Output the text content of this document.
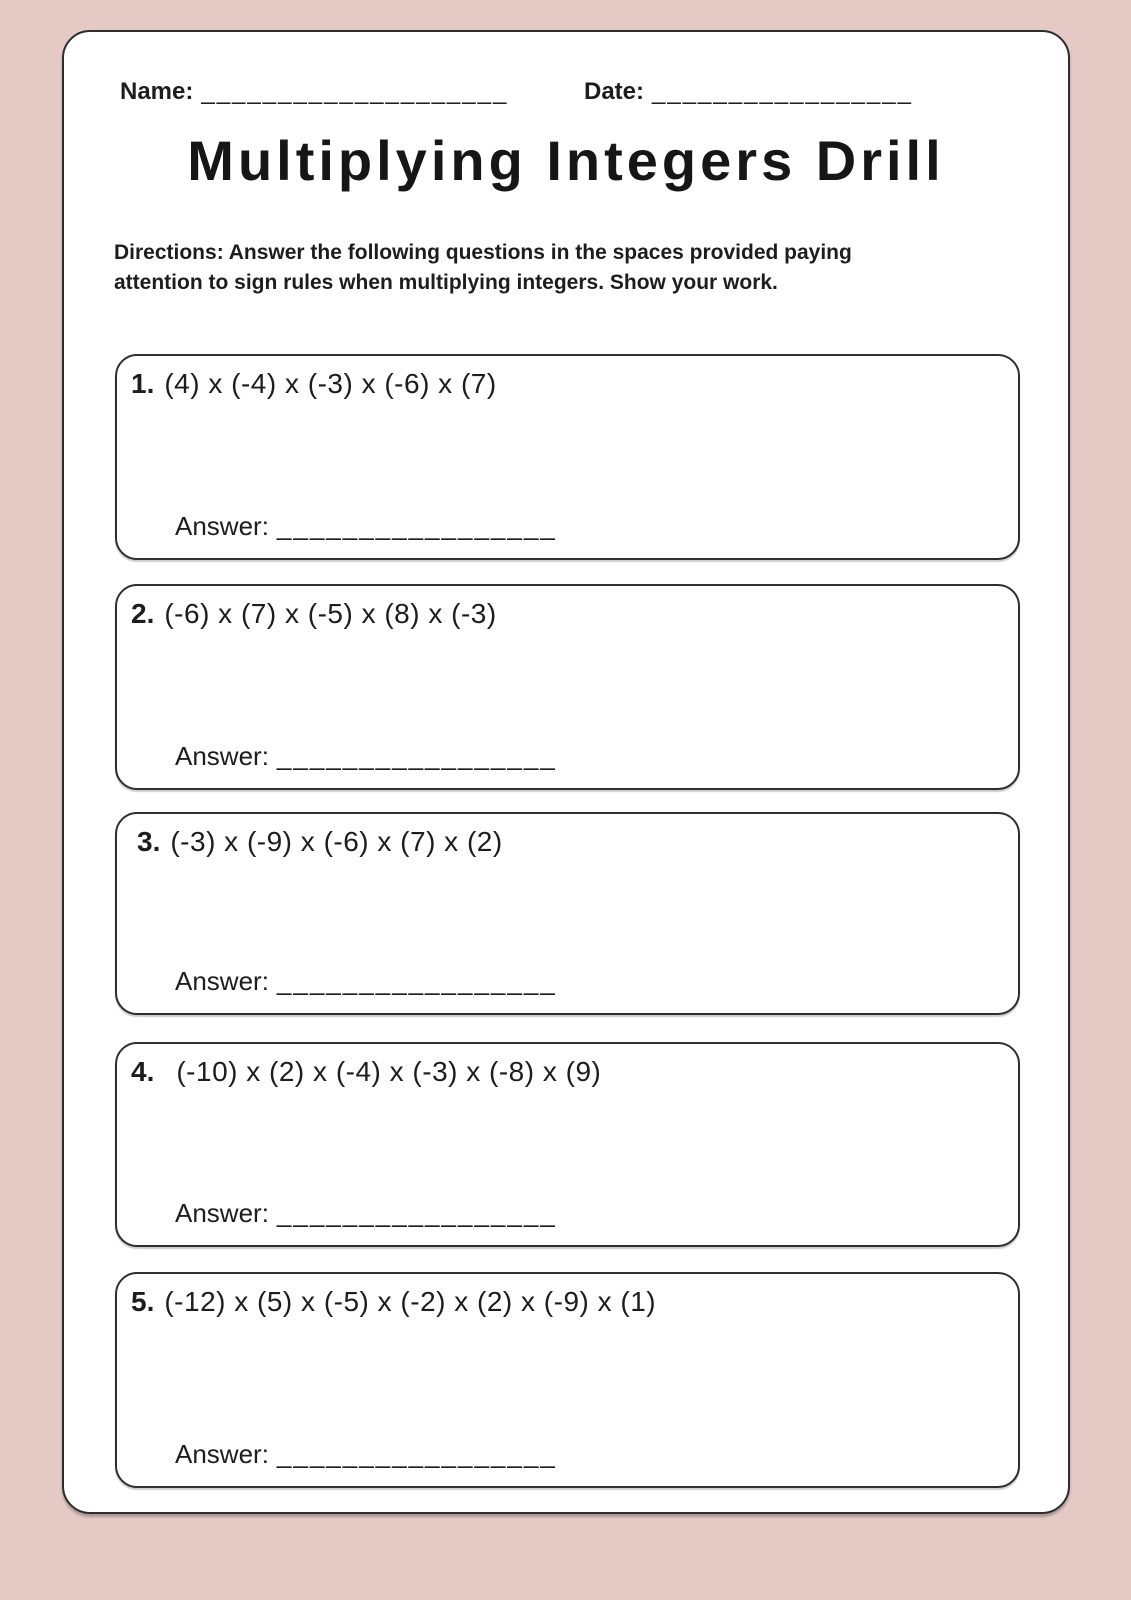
Name: ____________________	Date: _________________
Multiplying Integers Drill
Directions: Answer the following questions in the spaces provided paying
attention to sign rules when multiplying integers. Show your work.
1. (4) x (-4) x (-3) x (-6) x (7)
Answer: _________________
2. (-6) x (7) x (-5) x (8) x (-3)
Answer: _________________
3. (-3) x (-9) x (-6) x (7) x (2)
Answer: _________________
4. (-10) x (2) x (-4) x (-3) x (-8) x (9)
Answer: _________________
5. (-12) x (5) x (-5) x (-2) x (2) x (-9) x (1)
Answer: _________________
